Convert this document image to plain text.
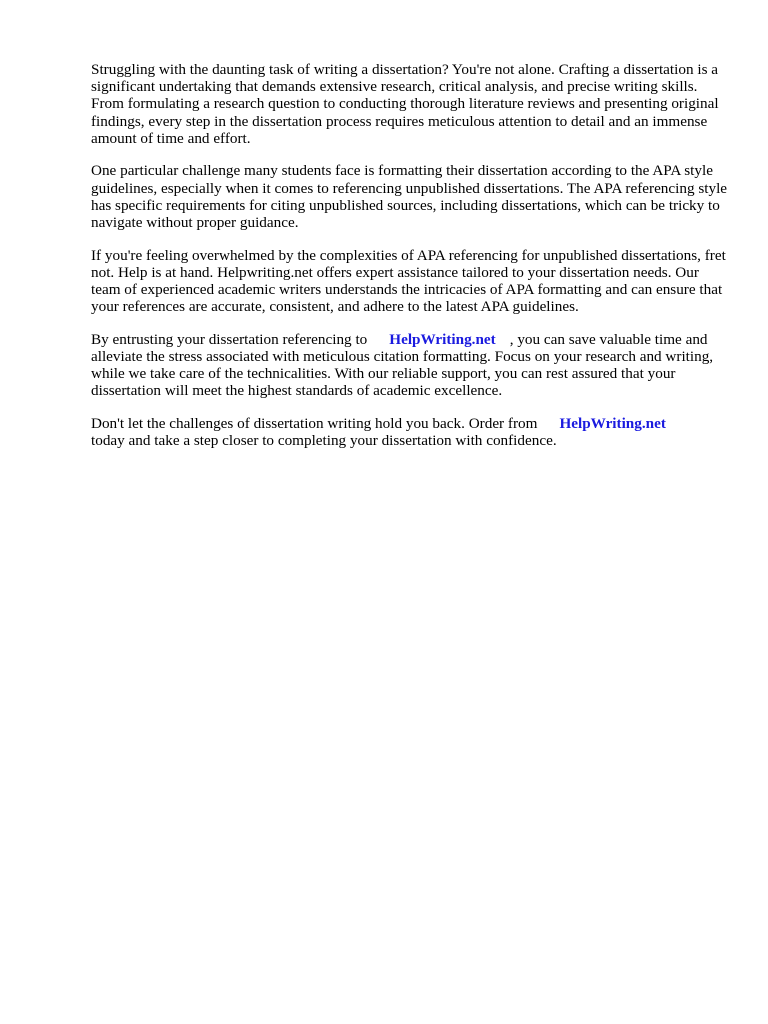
Struggling with the daunting task of writing a dissertation? You're not alone. Crafting a dissertation is a significant undertaking that demands extensive research, critical analysis, and precise writing skills. From formulating a research question to conducting thorough literature reviews and presenting original findings, every step in the dissertation process requires meticulous attention to detail and an immense amount of time and effort.

One particular challenge many students face is formatting their dissertation according to the APA style guidelines, especially when it comes to referencing unpublished dissertations. The APA referencing style has specific requirements for citing unpublished sources, including dissertations, which can be tricky to navigate without proper guidance.

If you're feeling overwhelmed by the complexities of APA referencing for unpublished dissertations, fret not. Help is at hand. Helpwriting.net offers expert assistance tailored to your dissertation needs. Our team of experienced academic writers understands the intricacies of APA formatting and can ensure that your references are accurate, consistent, and adhere to the latest APA guidelines.

By entrusting your dissertation referencing to HelpWriting.net , you can save valuable time and alleviate the stress associated with meticulous citation formatting. Focus on your research and writing, while we take care of the technicalities. With our reliable support, you can rest assured that your dissertation will meet the highest standards of academic excellence.

Don't let the challenges of dissertation writing hold you back. Order from HelpWriting.net
today and take a step closer to completing your dissertation with confidence.
